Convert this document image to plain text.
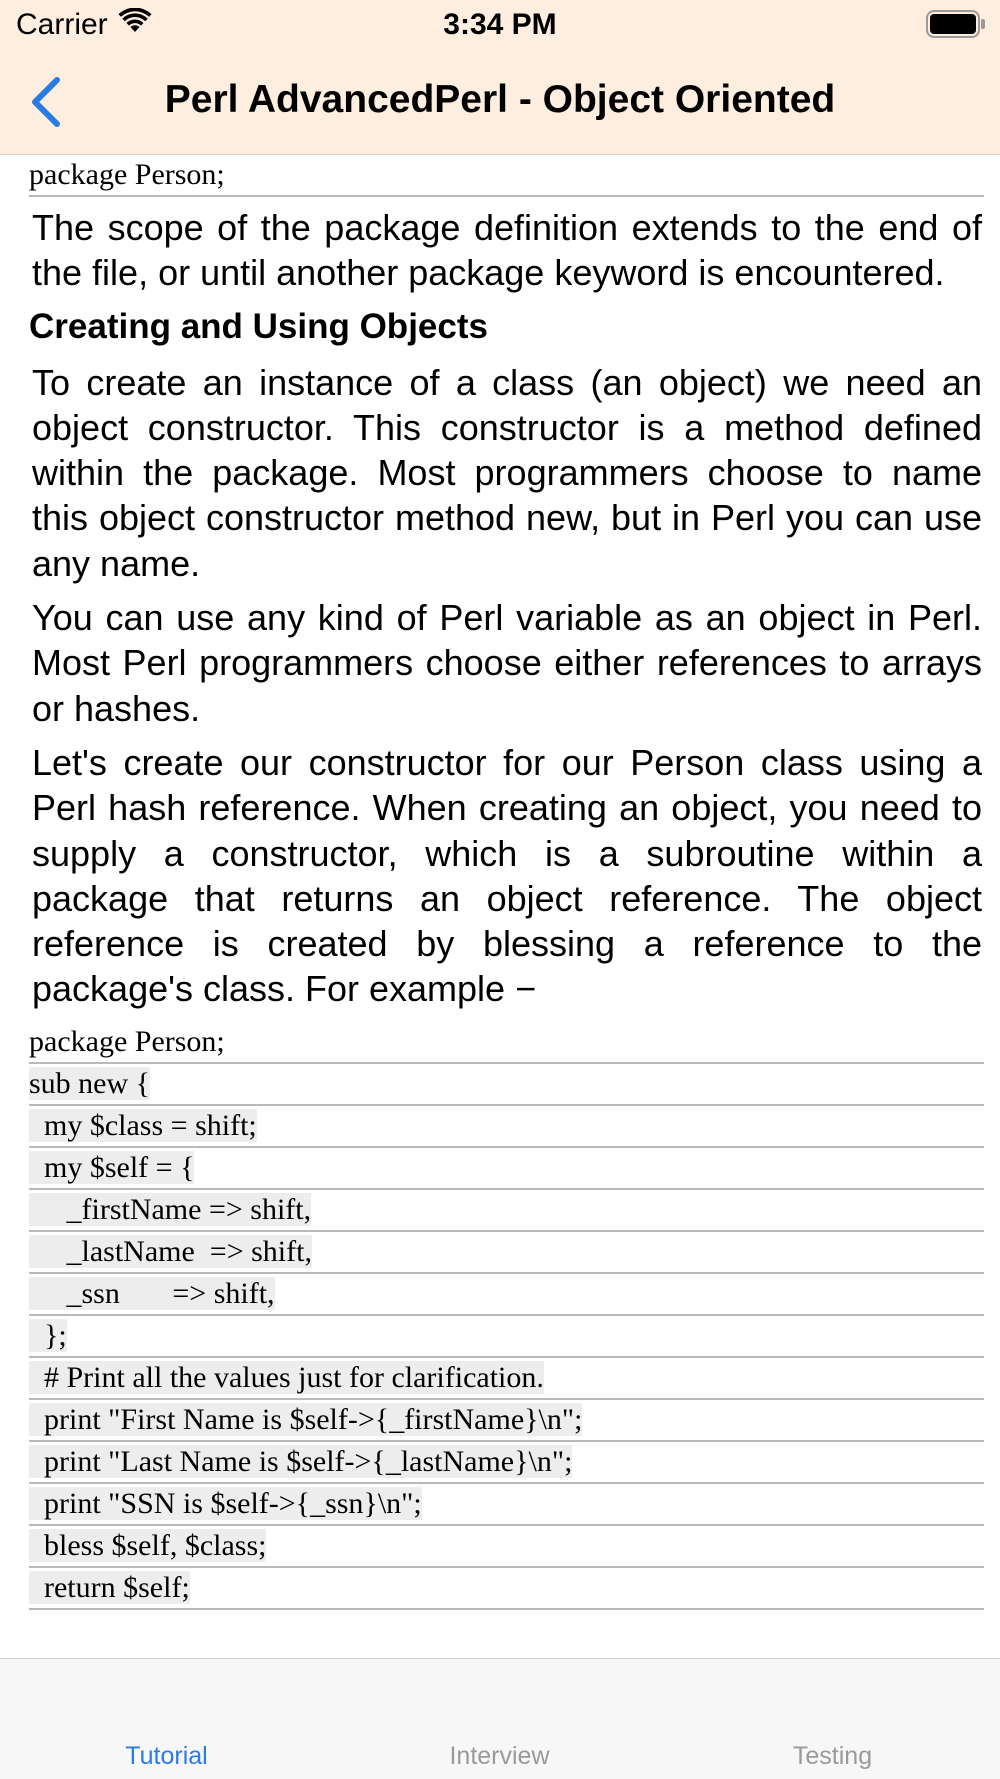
Carrier	3:34 PM
Perl AdvancedPerl - Object Oriented
package Person;

The scope of the package definition extends to the end of the file, or until another package keyword is encountered.

Creating and Using Objects

To create an instance of a class (an object) we need an object constructor. This constructor is a method defined within the package. Most programmers choose to name this object constructor method new, but in Perl you can use any name.

You can use any kind of Perl variable as an object in Perl. Most Perl programmers choose either references to arrays or hashes.

Let's create our constructor for our Person class using a Perl hash reference. When creating an object, you need to supply a constructor, which is a subroutine within a package that returns an object reference. The object reference is created by blessing a reference to the package's class. For example −

package Person;
sub new {
my $class = shift;
my $self = {
_firstName => shift,
_lastName  => shift,
_ssn       => shift,
};
# Print all the values just for clarification.
print "First Name is $self->{_firstName}\n";
print "Last Name is $self->{_lastName}\n";
print "SSN is $self->{_ssn}\n";
bless $self, $class;
return $self;
Tutorial	Interview	Testing
